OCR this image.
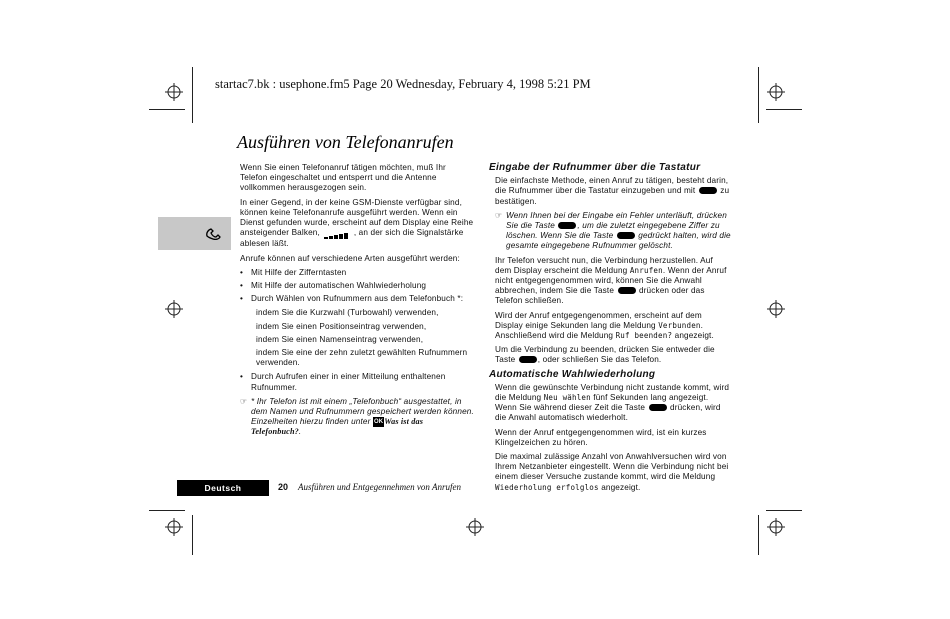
startac7.bk : usephone.fm5 Page 20 Wednesday, February 4, 1998 5:21 PM
Ausführen von Telefonanrufen

Wenn Sie einen Telefonanruf tätigen möchten, muß Ihr Telefon eingeschaltet und entsperrt und die Antenne vollkommen herausgezogen sein.

In einer Gegend, in der keine GSM-Dienste verfügbar sind, können keine Telefonanrufe ausgeführt werden. Wenn ein Dienst gefunden wurde, erscheint auf dem Display eine Reihe ansteigender Balken,	, an der sich die Signalstärke ablesen läßt.

Anrufe können auf verschiedene Arten ausgeführt werden:

• Mit Hilfe der Zifferntasten
• Mit Hilfe der automatischen Wahlwiederholung
• Durch Wählen von Rufnummern aus dem Telefonbuch *:
indem Sie die Kurzwahl (Turbowahl) verwenden,
indem Sie einen Positionseintrag verwenden,
indem Sie einen Namenseintrag verwenden,
indem Sie eine der zehn zuletzt gewählten Rufnummern verwenden.
• Durch Aufrufen einer in einer Mitteilung enthaltenen Rufnummer.
☞ * Ihr Telefon ist mit einem „Telefonbuch“ ausgestattet, in dem Namen und Rufnummern gespeichert werden können. Einzelheiten hierzu finden unter OKWas ist das Telefonbuch?.
Eingabe der Rufnummer über die Tastatur

Die einfachste Methode, einen Anruf zu tätigen, besteht darin, die Rufnummer über die Tastatur einzugeben und mit	zu bestätigen.

☞ Wenn Ihnen bei der Eingabe ein Fehler unterläuft, drücken Sie die Taste	, um die zuletzt eingegebene Ziffer zu löschen. Wenn Sie die Taste	gedrückt halten, wird die gesamte eingegebene Rufnummer gelöscht.

Ihr Telefon versucht nun, die Verbindung herzustellen. Auf dem Display erscheint die Meldung Anrufen. Wenn der Anruf nicht entgegengenommen wird, können Sie die Anwahl abbrechen, indem Sie die Taste	drücken oder das Telefon schließen.

Wird der Anruf entgegengenommen, erscheint auf dem Display einige Sekunden lang die Meldung Verbunden. Anschließend wird die Meldung Ruf beenden? angezeigt.

Um die Verbindung zu beenden, drücken Sie entweder die Taste	, oder schließen Sie das Telefon.

Automatische Wahlwiederholung

Wenn die gewünschte Verbindung nicht zustande kommt, wird die Meldung Neu wählen fünf Sekunden lang angezeigt. Wenn Sie während dieser Zeit die Taste	drücken, wird die Anwahl automatisch wiederholt.

Wenn der Anruf entgegengenommen wird, ist ein kurzes Klingelzeichen zu hören.

Die maximal zulässige Anzahl von Anwahlversuchen wird von Ihrem Netzanbieter eingestellt. Wenn die Verbindung nicht bei einem dieser Versuche zustande kommt, wird die Meldung Wiederholung erfolglos angezeigt.

Deutsch	20 Ausführen und Entgegennehmen von Anrufen
